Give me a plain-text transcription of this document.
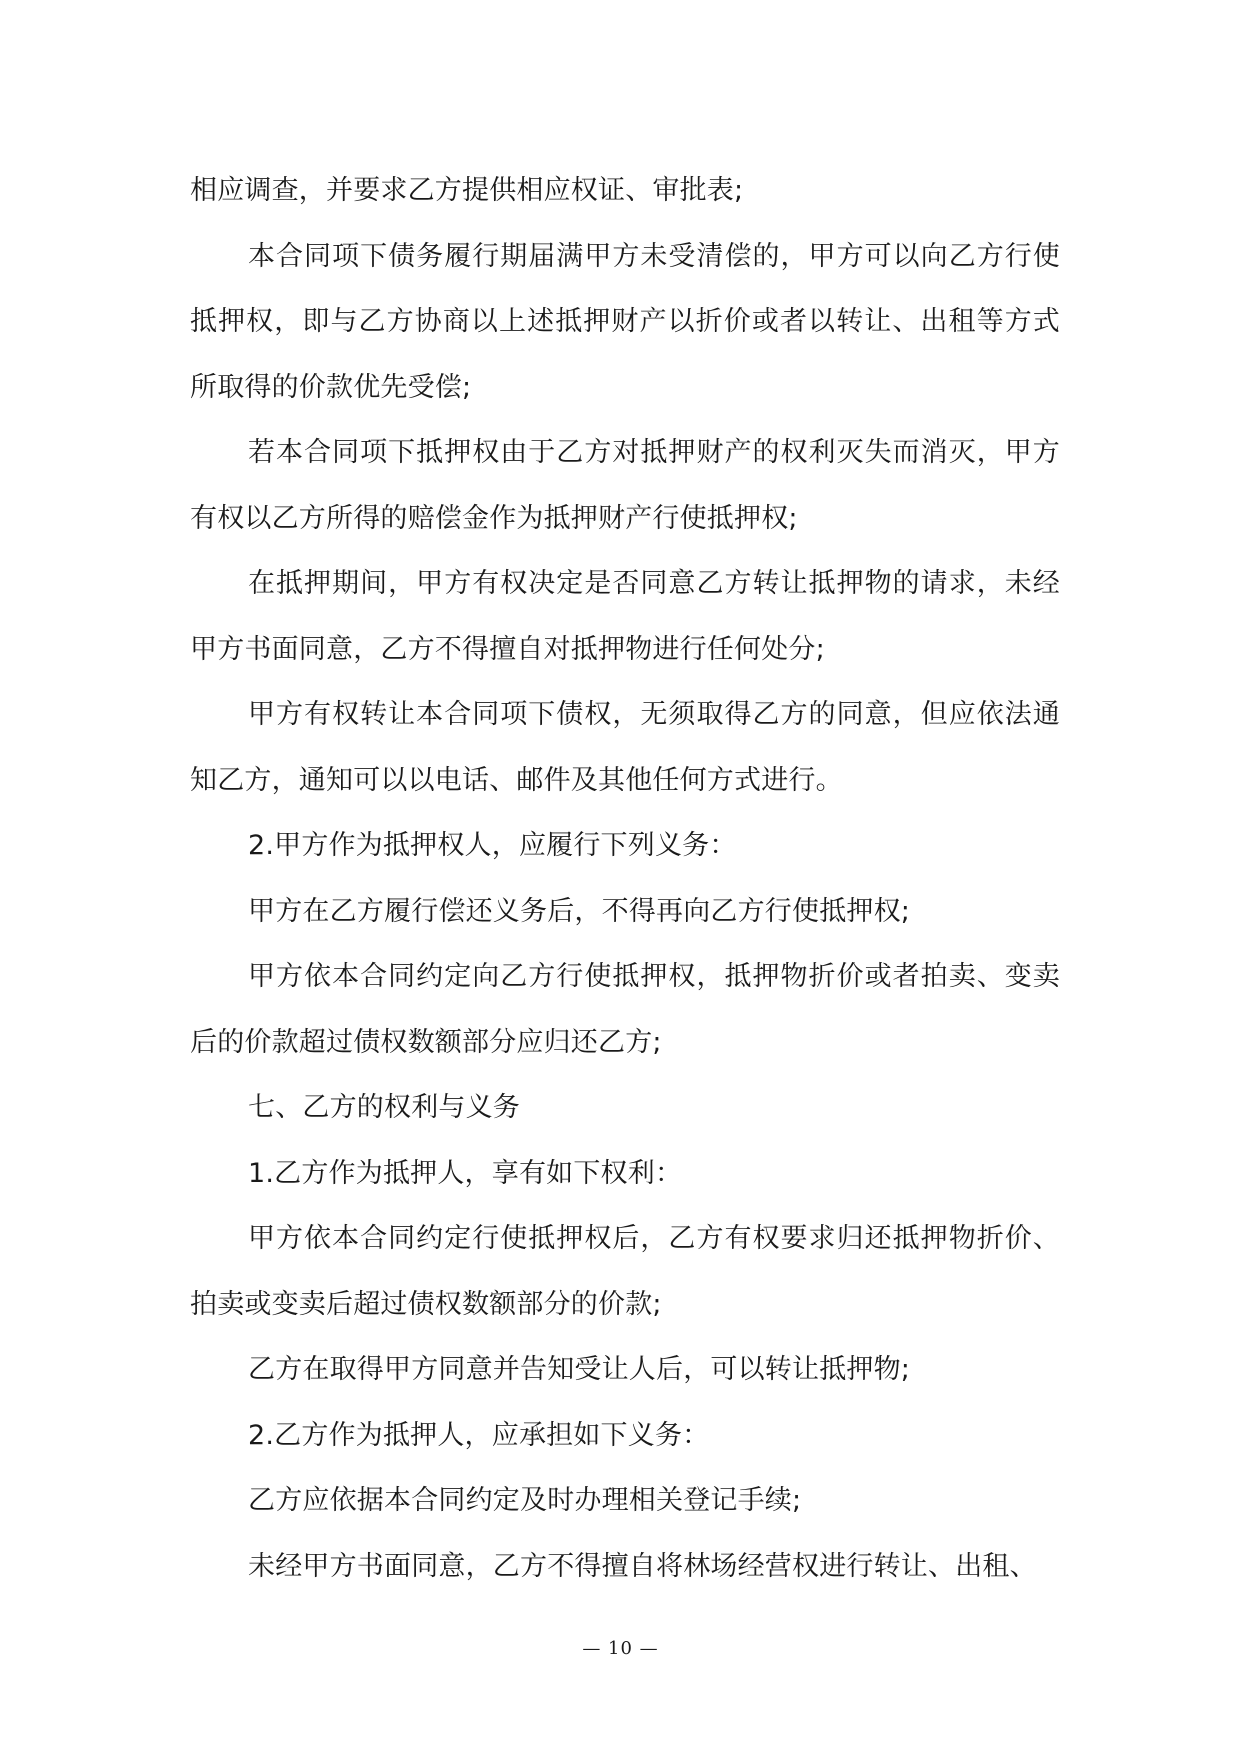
相应调查，并要求乙方提供相应权证、审批表;

本合同项下债务履行期届满甲方未受清偿的，甲方可以向乙方行使抵押权，即与乙方协商以上述抵押财产以折价或者以转让、出租等方式所取得的价款优先受偿;

若本合同项下抵押权由于乙方对抵押财产的权利灭失而消灭，甲方有权以乙方所得的赔偿金作为抵押财产行使抵押权;

在抵押期间，甲方有权决定是否同意乙方转让抵押物的请求，未经甲方书面同意，乙方不得擅自对抵押物进行任何处分;

甲方有权转让本合同项下债权，无须取得乙方的同意，但应依法通知乙方，通知可以以电话、邮件及其他任何方式进行。

2.甲方作为抵押权人，应履行下列义务：

甲方在乙方履行偿还义务后，不得再向乙方行使抵押权;

甲方依本合同约定向乙方行使抵押权，抵押物折价或者拍卖、变卖后的价款超过债权数额部分应归还乙方;

七、乙方的权利与义务

1.乙方作为抵押人，享有如下权利：

甲方依本合同约定行使抵押权后，乙方有权要求归还抵押物折价、拍卖或变卖后超过债权数额部分的价款;

乙方在取得甲方同意并告知受让人后，可以转让抵押物;

2.乙方作为抵押人，应承担如下义务：

乙方应依据本合同约定及时办理相关登记手续;

未经甲方书面同意，乙方不得擅自将林场经营权进行转让、出租、

— 10 —
